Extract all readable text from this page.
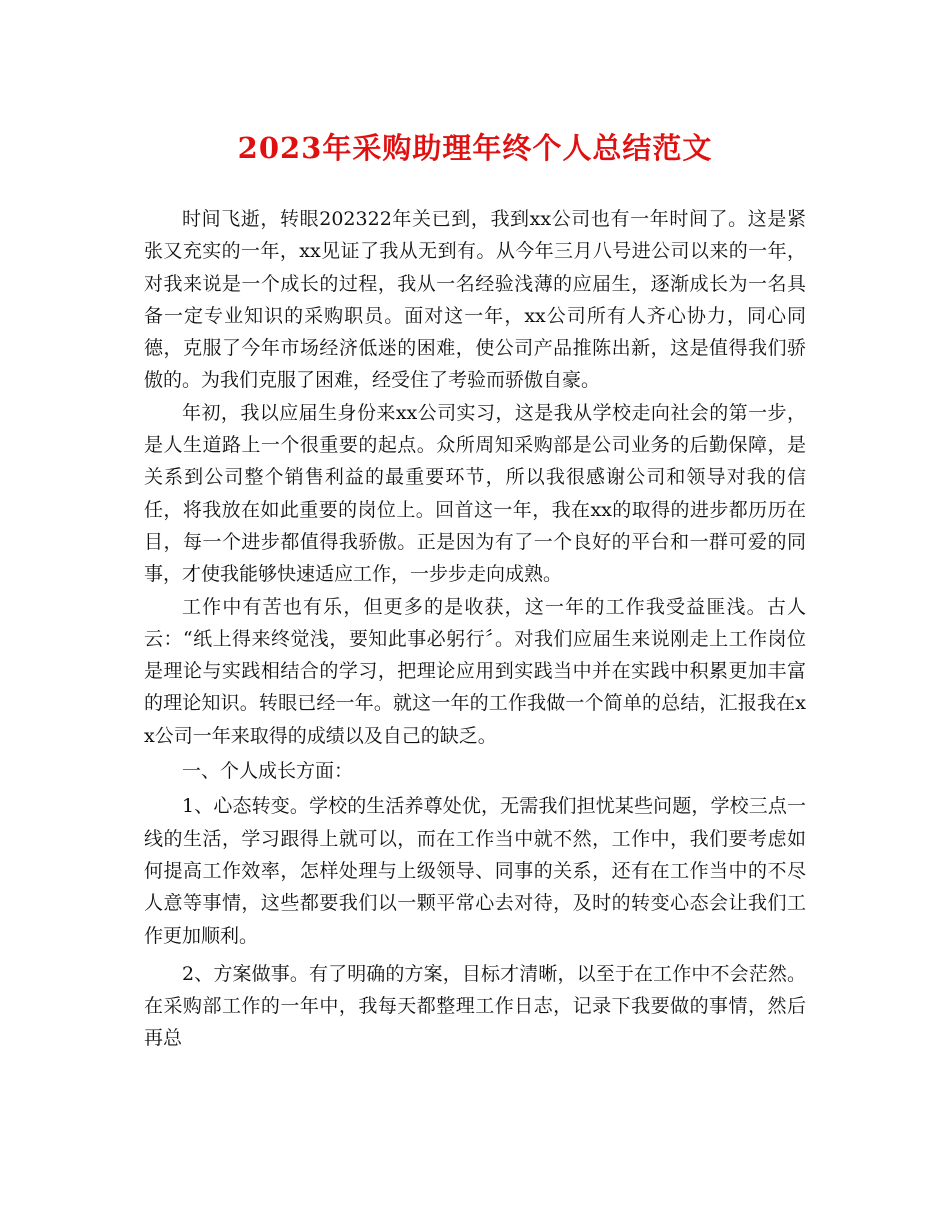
2023年采购助理年终个人总结范文

时间飞逝，转眼202322年关已到，我到xx公司也有一年时间了。这是紧张又充实的一年，xx见证了我从无到有。从今年三月八号进公司以来的一年，对我来说是一个成长的过程，我从一名经验浅薄的应届生，逐渐成长为一名具备一定专业知识的采购职员。面对这一年，xx公司所有人齐心协力，同心同德，克服了今年市场经济低迷的困难，使公司产品推陈出新，这是值得我们骄傲的。为我们克服了困难，经受住了考验而骄傲自豪。

年初，我以应届生身份来xx公司实习，这是我从学校走向社会的第一步，是人生道路上一个很重要的起点。众所周知采购部是公司业务的后勤保障，是关系到公司整个销售利益的最重要环节，所以我很感谢公司和领导对我的信任，将我放在如此重要的岗位上。回首这一年，我在xx的取得的进步都历历在目，每一个进步都值得我骄傲。正是因为有了一个良好的平台和一群可爱的同事，才使我能够快速适应工作，一步步走向成熟。

工作中有苦也有乐，但更多的是收获，这一年的工作我受益匪浅。古人云：“纸上得来终觉浅，要知此事必躬行〞。对我们应届生来说刚走上工作岗位是理论与实践相结合的学习，把理论应用到实践当中并在实践中积累更加丰富的理论知识。转眼已经一年。就这一年的工作我做一个简单的总结，汇报我在xx公司一年来取得的成绩以及自己的缺乏。

一、个人成长方面：

1、心态转变。学校的生活养尊处优，无需我们担忧某些问题，学校三点一线的生活，学习跟得上就可以，而在工作当中就不然，工作中，我们要考虑如何提高工作效率，怎样处理与上级领导、同事的关系，还有在工作当中的不尽人意等事情，这些都要我们以一颗平常心去对待，及时的转变心态会让我们工作更加顺利。

2、方案做事。有了明确的方案，目标才清晰，以至于在工作中不会茫然。在采购部工作的一年中，我每天都整理工作日志，记录下我要做的事情，然后再总
